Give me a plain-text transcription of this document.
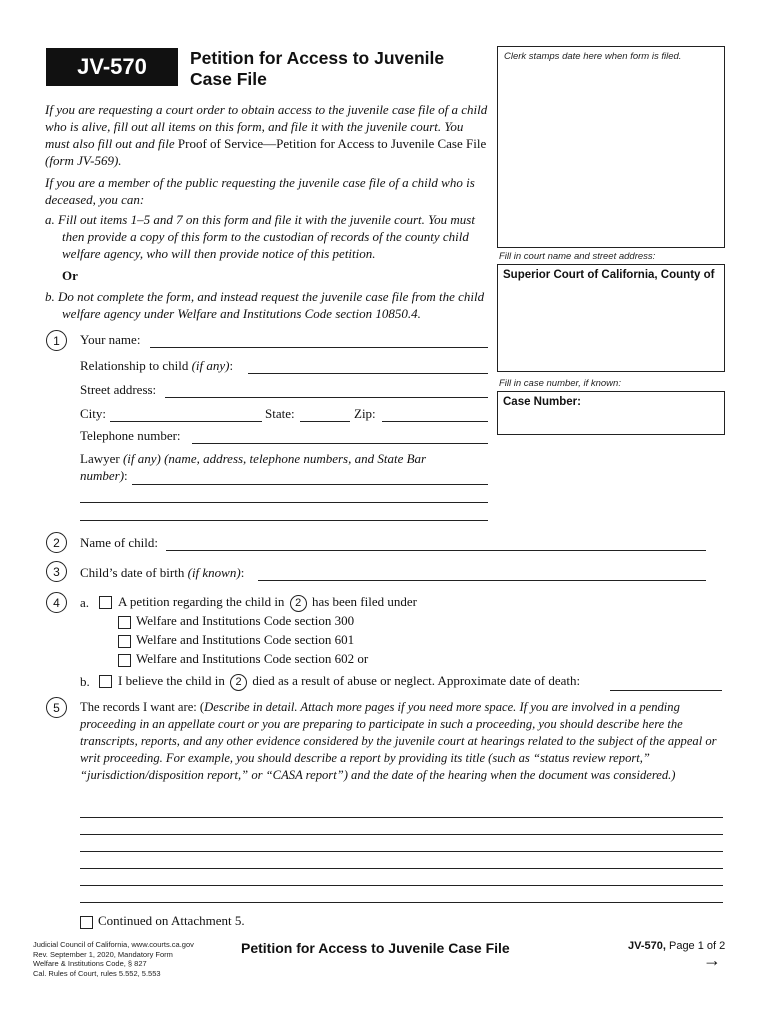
JV-570	Petition for Access to Juvenile Case File
Clerk stamps date here when form is filed.
Fill in court name and street address:
Superior Court of California, County of
Fill in case number, if known:
Case Number:
If you are requesting a court order to obtain access to the juvenile case file of a child who is alive, fill out all items on this form, and file it with the juvenile court. You must also fill out and file Proof of Service—Petition for Access to Juvenile Case File (form JV-569).
If you are a member of the public requesting the juvenile case file of a child who is deceased, you can:
a. Fill out items 1–5 and 7 on this form and file it with the juvenile court. You must then provide a copy of this form to the custodian of records of the county child welfare agency, who will then provide notice of this petition.
Or
b. Do not complete the form, and instead request the juvenile case file from the child welfare agency under Welfare and Institutions Code section 10850.4.
1	Your name:
Relationship to child (if any):
Street address:
City:	State:	Zip:
Telephone number:
Lawyer (if any) (name, address, telephone numbers, and State Bar
number):
2	Name of child:
3	Child’s date of birth (if known):
4	a. A petition regarding the child in 2 has been filed under
Welfare and Institutions Code section 300
Welfare and Institutions Code section 601
Welfare and Institutions Code section 602 or
b. I believe the child in 2 died as a result of abuse or neglect. Approximate date of death:
5	The records I want are: (Describe in detail. Attach more pages if you need more space. If you are involved in a pending proceeding in an appellate court or you are preparing to participate in such a proceeding, you should describe here the transcripts, reports, and any other evidence considered by the juvenile court at hearings related to the subject of the appeal or writ proceeding. For example, you should describe a report by providing its title (such as “status review report,” “jurisdiction/disposition report,” or “CASA report”) and the date of the hearing when the document was considered.)
Continued on Attachment 5.
Judicial Council of California, www.courts.ca.gov
Rev. September 1, 2020, Mandatory Form
Welfare & Institutions Code, § 827
Cal. Rules of Court, rules 5.552, 5.553
Petition for Access to Juvenile Case File	JV-570, Page 1 of 2
→
